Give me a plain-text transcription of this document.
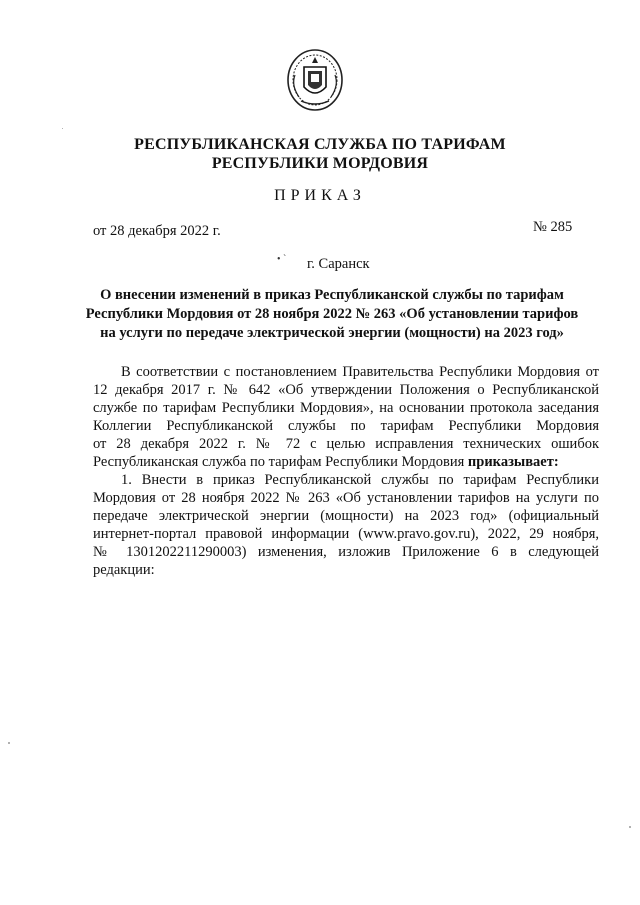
РЕСПУБЛИКАНСКАЯ СЛУЖБА ПО ТАРИФАМ
РЕСПУБЛИКИ МОРДОВИЯ
ПРИКАЗ
от 28 декабря 2022 г.	№ 285
• ` г. Саранск
О внесении изменений в приказ Республиканской службы по тарифам
Республики Мордовия от 28 ноября 2022 № 263 «Об установлении тарифов
на услуги по передаче электрической энергии (мощности) на 2023 год»
В соответствии с постановлением Правительства Республики Мордовия от
12 декабря 2017 г. № 642 «Об утверждении Положения о Республиканской
службе по тарифам Республики Мордовия», на основании протокола заседания
Коллегии Республиканской службы по тарифам Республики Мордовия
от 28 декабря 2022 г. № 72 с целью исправления технических ошибок
Республиканская служба по тарифам Республики Мордовия приказывает:
1. Внести в приказ Республиканской службы по тарифам Республики
Мордовия от 28 ноября 2022 № 263 «Об установлении тарифов на услуги по
передаче электрической энергии (мощности) на 2023 год» (официальный
интернет-портал правовой информации (www.pravo.gov.ru), 2022, 29 ноября,
№ 1301202211290003) изменения, изложив Приложение 6 в следующей
редакции:
